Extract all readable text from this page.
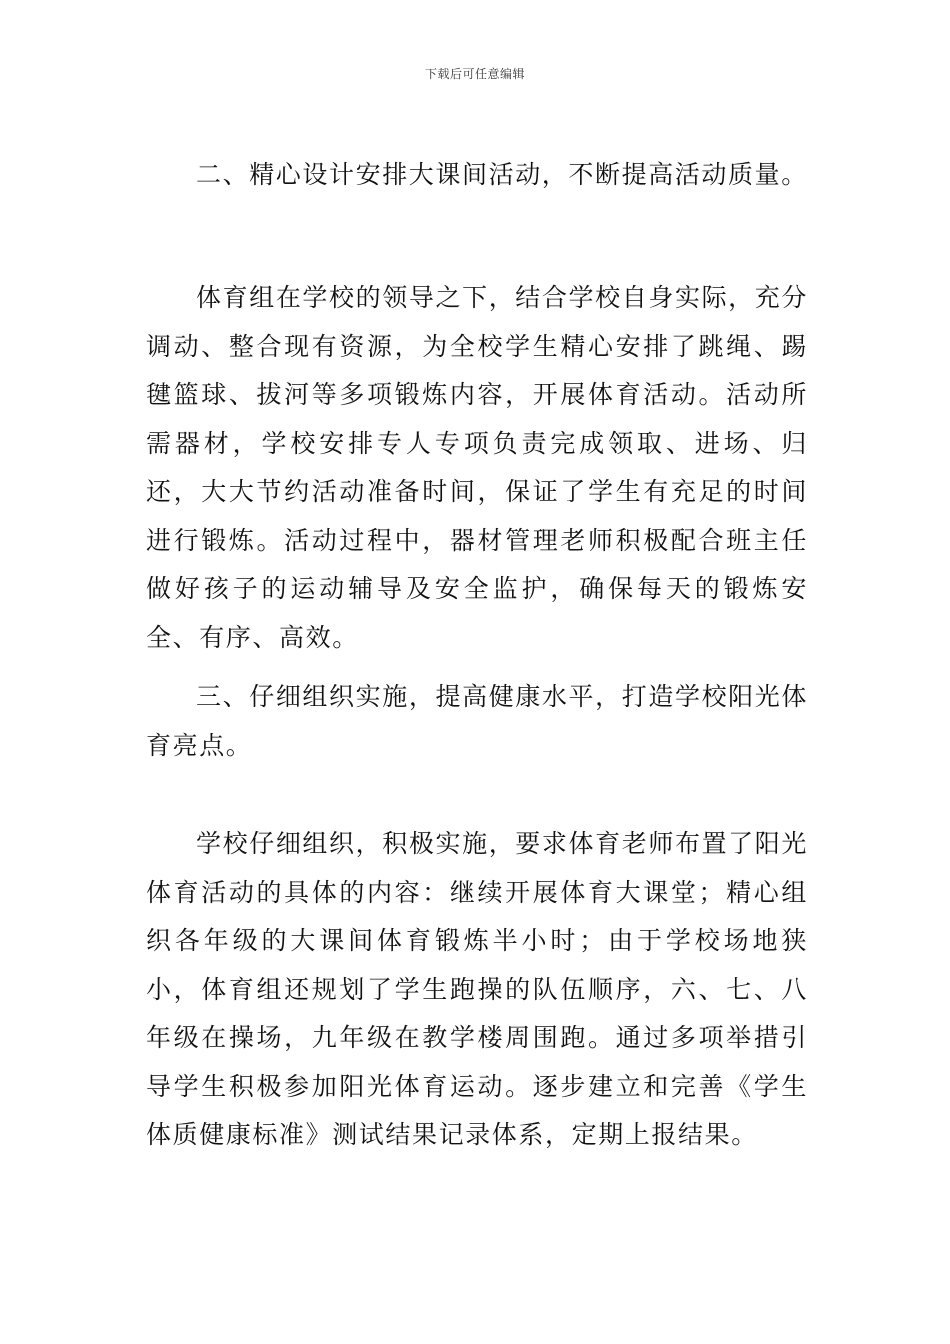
下载后可任意编辑

二、精心设计安排大课间活动，不断提高活动质量。

体育组在学校的领导之下，结合学校自身实际，充分调动、整合现有资源，为全校学生精心安排了跳绳、踢毽篮球、拔河等多项锻炼内容，开展体育活动。活动所需器材，学校安排专人专项负责完成领取、进场、归还，大大节约活动准备时间，保证了学生有充足的时间进行锻炼。活动过程中，器材管理老师积极配合班主任做好孩子的运动辅导及安全监护，确保每天的锻炼安全、有序、高效。

三、仔细组织实施，提高健康水平，打造学校阳光体育亮点。

学校仔细组织，积极实施，要求体育老师布置了阳光体育活动的具体的内容：继续开展体育大课堂；精心组织各年级的大课间体育锻炼半小时；由于学校场地狭小，体育组还规划了学生跑操的队伍顺序，六、七、八年级在操场，九年级在教学楼周围跑。通过多项举措引导学生积极参加阳光体育运动。逐步建立和完善《学生体质健康标准》测试结果记录体系，定期上报结果。
